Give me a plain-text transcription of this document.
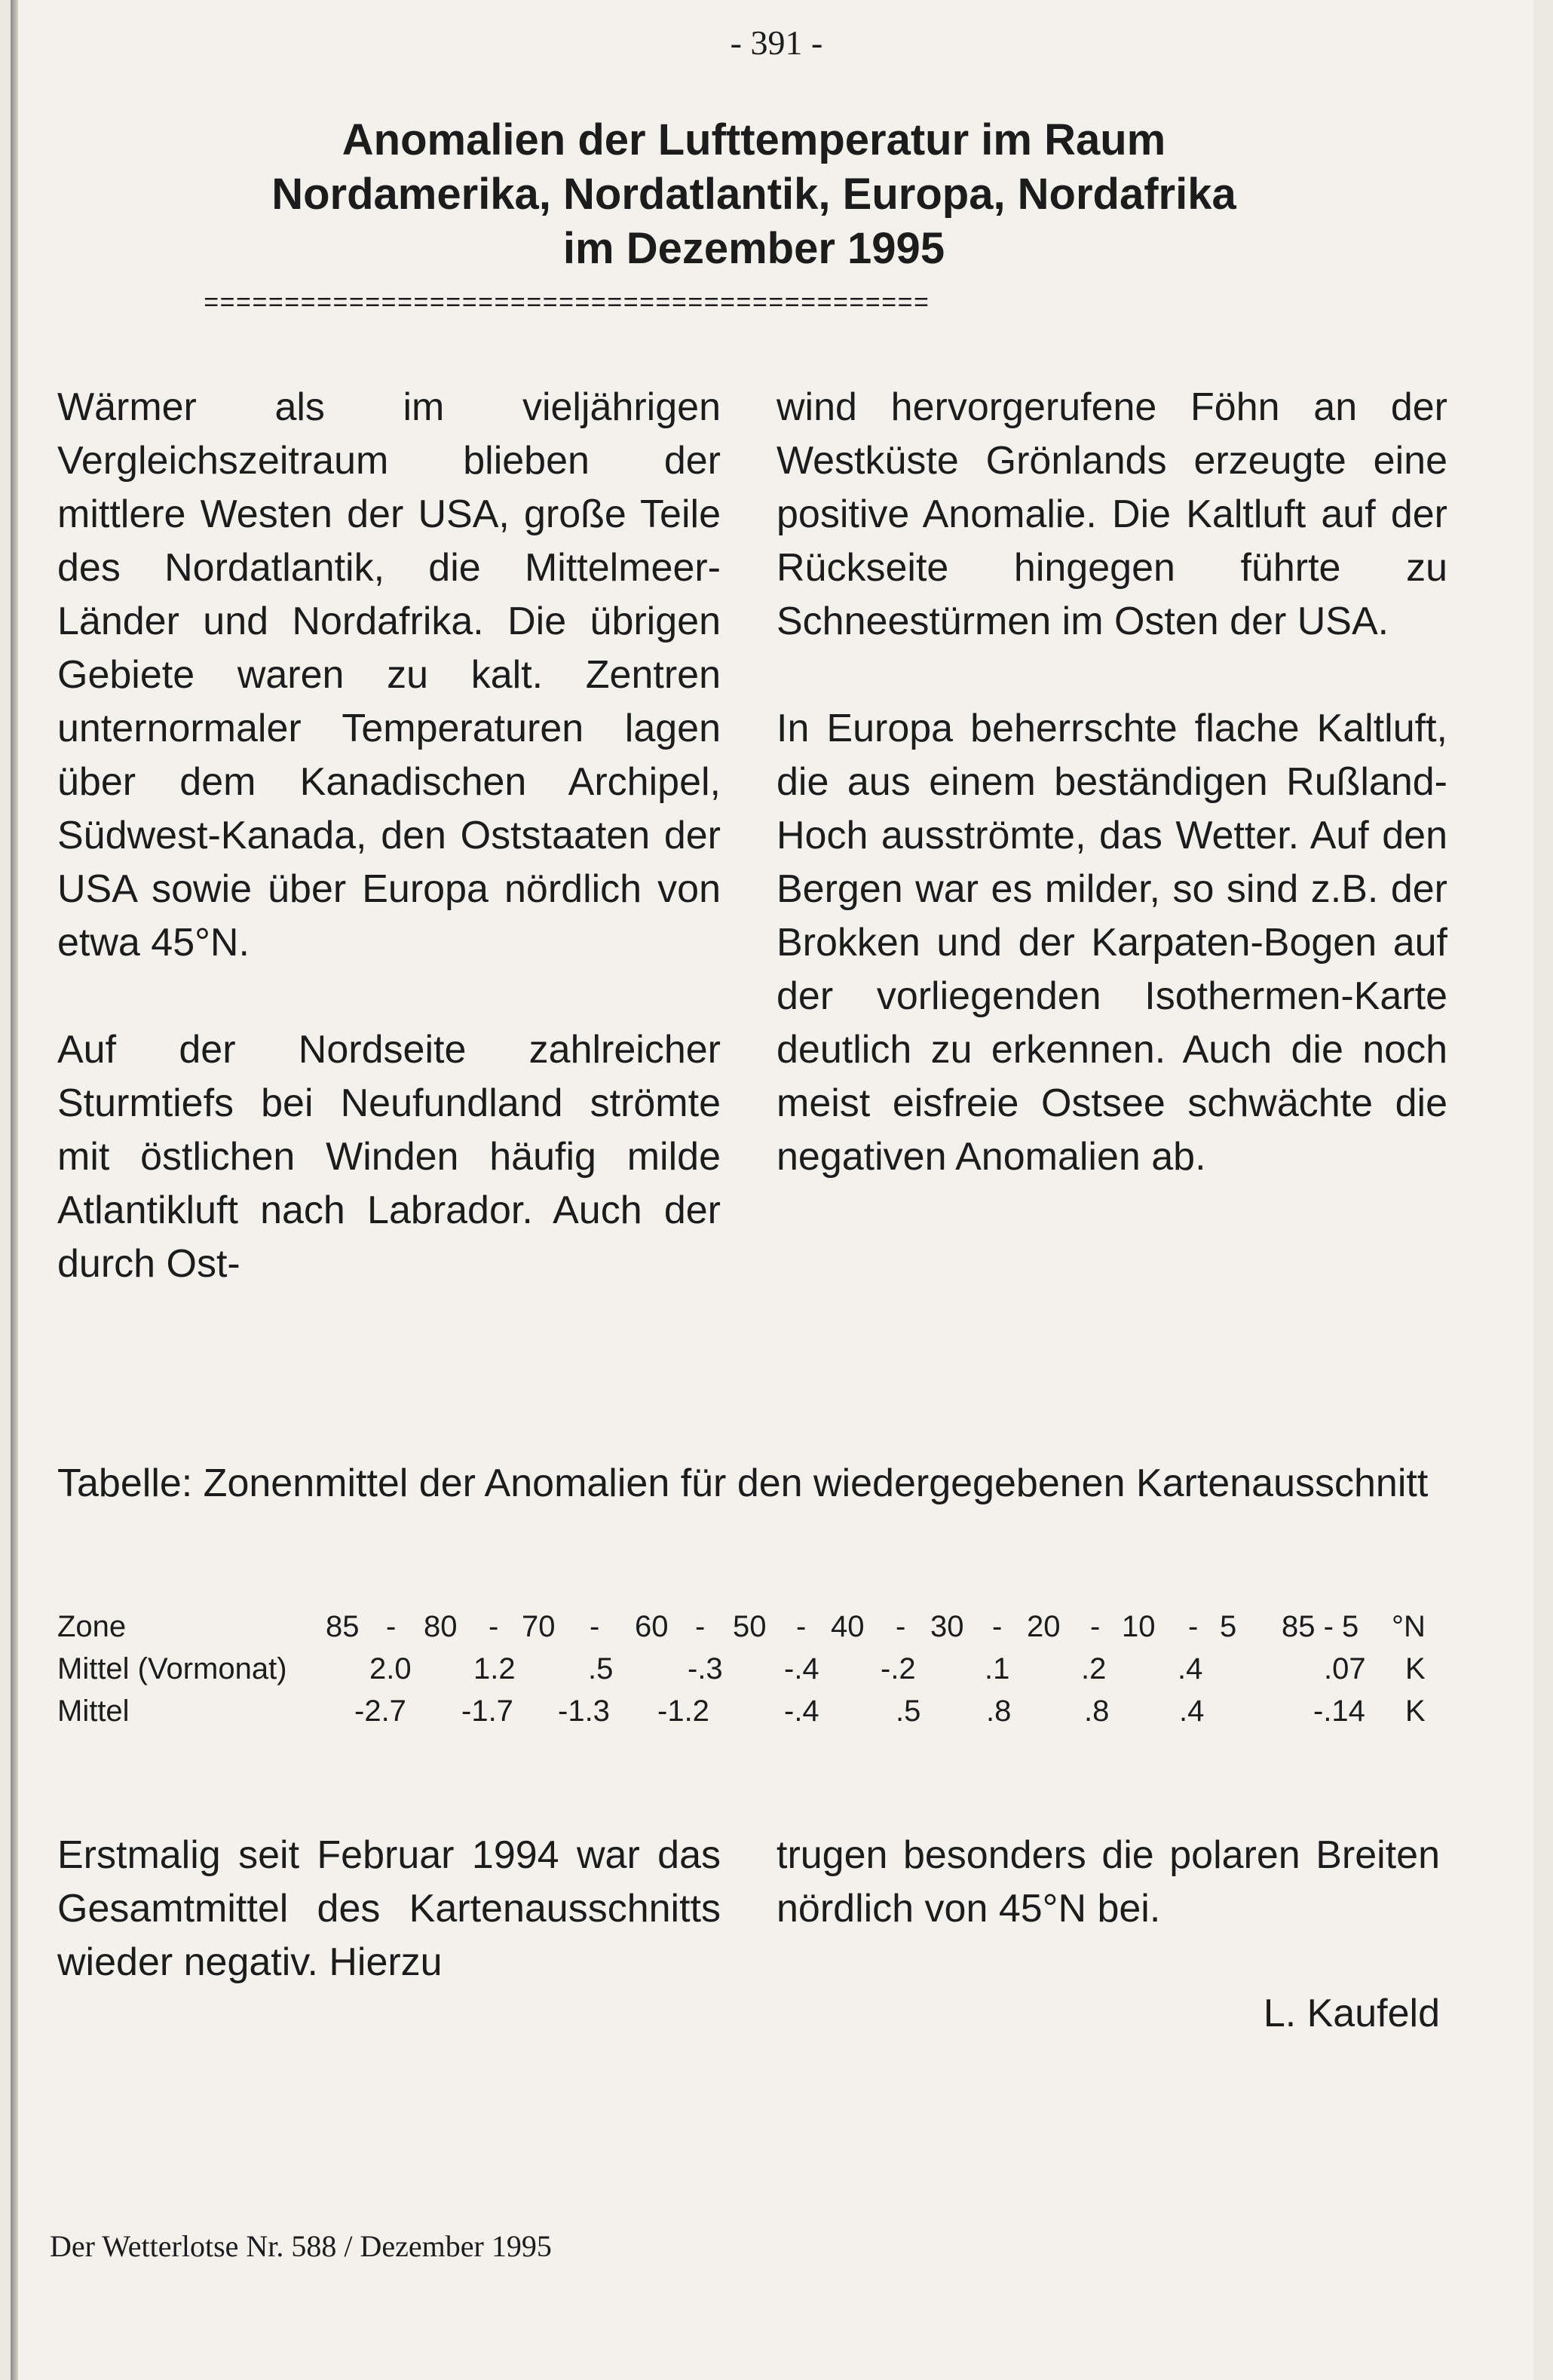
- 391 -
Anomalien der Lufttemperatur im Raum
Nordamerika, Nordatlantik, Europa, Nordafrika
im Dezember 1995
=============================================

Wärmer als im vieljährigen Vergleichszeitraum blieben der mittlere Westen der USA, große Teile des Nordatlantik, die Mittelmeer-Länder und Nordafrika. Die übrigen Gebiete waren zu kalt. Zentren unternormaler Temperaturen lagen über dem Kanadischen Archipel, Südwest-Kanada, den Oststaaten der USA sowie über Europa nördlich von etwa 45°N.

Auf der Nordseite zahlreicher Sturmtiefs bei Neufundland strömte mit östlichen Winden häufig milde Atlantikluft nach Labrador. Auch der durch Ost-

wind hervorgerufene Föhn an der Westküste Grönlands erzeugte eine positive Anomalie. Die Kaltluft auf der Rückseite hingegen führte zu Schneestürmen im Osten der USA.

In Europa beherrschte flache Kaltluft, die aus einem beständigen Rußland-Hoch ausströmte, das Wetter. Auf den Bergen war es milder, so sind z.B. der Brokken und der Karpaten-Bogen auf der vorliegenden Isothermen-Karte deutlich zu erkennen. Auch die noch meist eisfreie Ostsee schwächte die negativen Anomalien ab.

Tabelle: Zonenmittel der Anomalien für den wiedergegebenen Kartenausschnitt
Zone	85 - 80 - 70 - 60 - 50 - 40 - 30 - 20 - 10 - 5 85 - 5 °N
Mittel (Vormonat)	2.0 1.2 .5 -.3 -.4 -.2 .1 .2 .4	.07 K
Mittel	-2.7 -1.7 -1.3 -1.2 -.4	.5 .8 .8 .4	-.14 K

Erstmalig seit Februar 1994 war das Gesamtmittel des Kartenausschnitts wieder negativ. Hierzu

trugen besonders die polaren Breiten nördlich von 45°N bei.

L. Kaufeld
Der Wetterlotse Nr. 588 / Dezember 1995
